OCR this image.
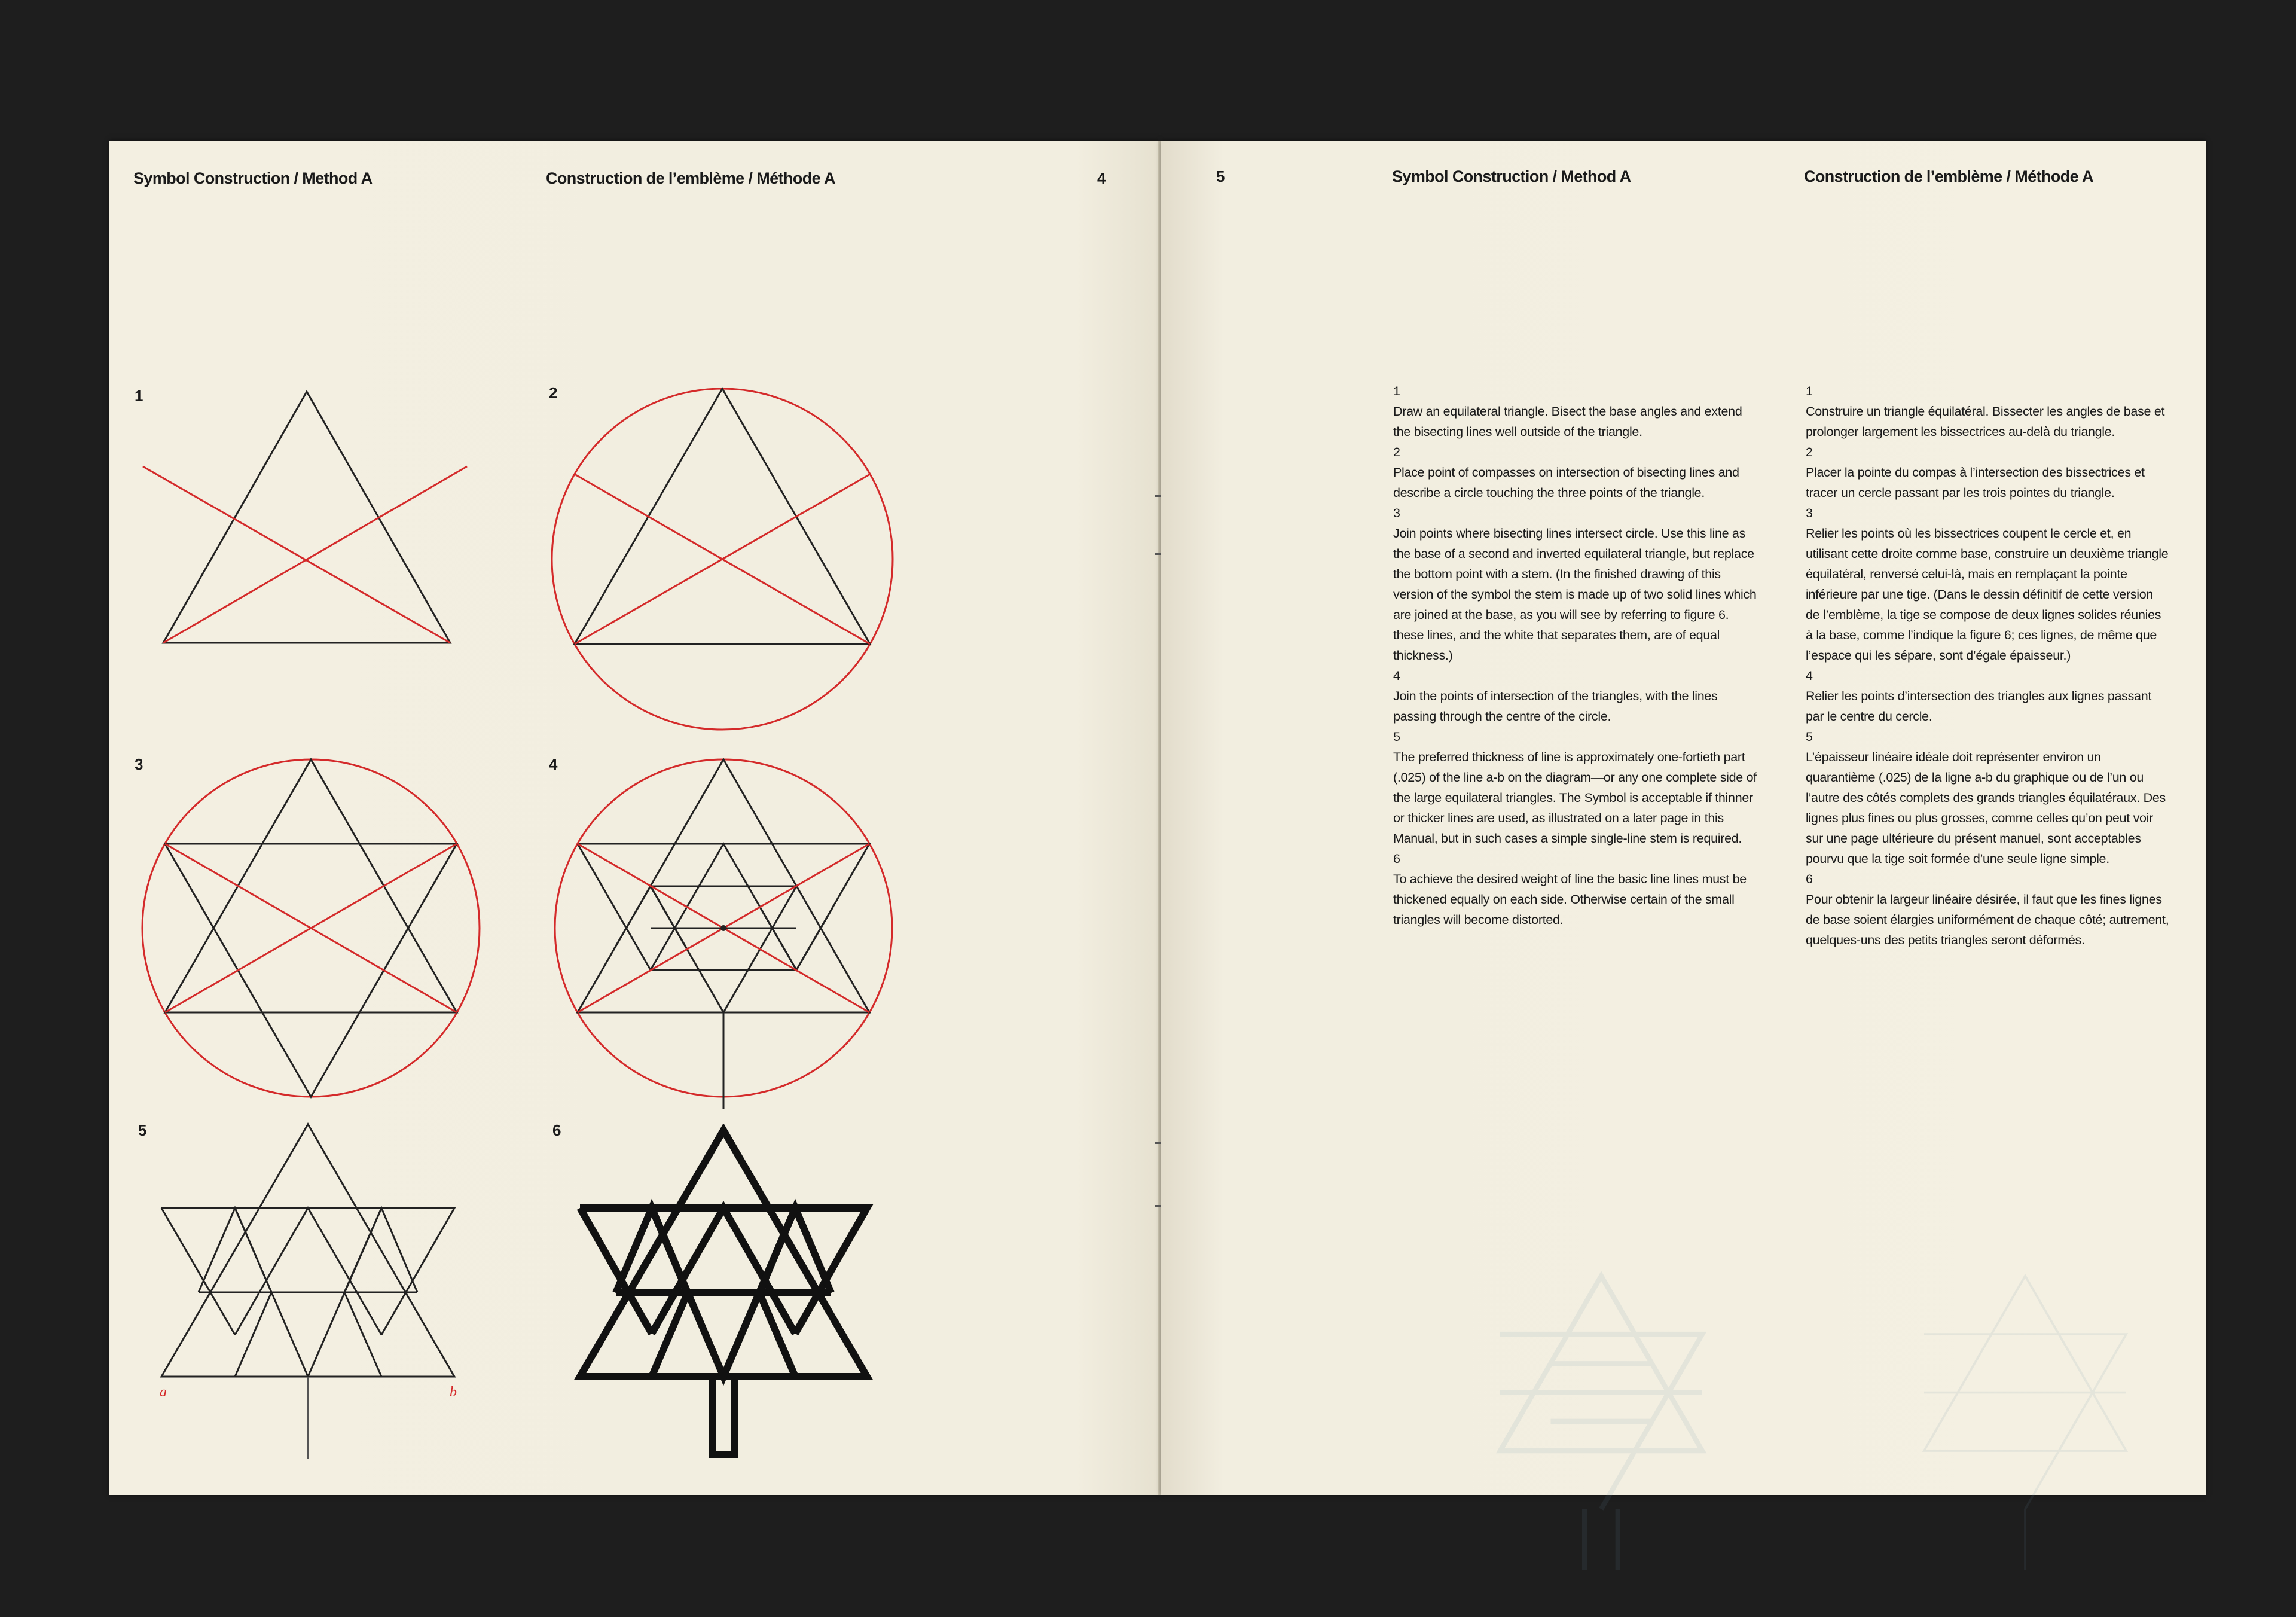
Symbol Construction / Method A	Construction de l’emblème / Méthode A	4
1	2
3	4
5	6
5	Symbol Construction / Method A	Construction de l’emblème / Méthode A

1
Draw an equilateral triangle. Bisect the base angles and extend the bisecting lines well outside of the triangle.

2
Place point of compasses on intersection of bisecting lines and describe a circle touching the three points of the triangle.

3
Join points where bisecting lines intersect circle. Use this line as the base of a second and inverted equilateral triangle, but replace the bottom point with a stem. (In the finished drawing of this version of the symbol the stem is made up of two solid lines which are joined at the base, as you will see by referring to figure 6. these lines, and the white that separates them, are of equal thickness.)

4
Join the points of intersection of the triangles, with the lines passing through the centre of the circle.

5
The preferred thickness of line is approximately one-fortieth part (.025) of the line a-b on the diagram—or any one complete side of the large equilateral triangles. The Symbol is acceptable if thinner or thicker lines are used, as illustrated on a later page in this Manual, but in such cases a simple single-line stem is required.

6
To achieve the desired weight of line the basic line lines must be thickened equally on each side. Otherwise certain of the small triangles will become distorted.

1
Construire un triangle équilatéral. Bissecter les angles de base et prolonger largement les bissectrices au-delà du triangle.

2
Placer la pointe du compas à l’intersection des bissectrices et tracer un cercle passant par les trois pointes du triangle.

3
Relier les points où les bissectrices coupent le cercle et, en utilisant cette droite comme base, construire un deuxième triangle équilatéral, renversé celui-là, mais en remplaçant la pointe inférieure par une tige. (Dans le dessin définitif de cette version de l’emblème, la tige se compose de deux lignes solides réunies à la base, comme l’indique la figure 6; ces lignes, de même que l’espace qui les sépare, sont d’égale épaisseur.)

4
Relier les points d’intersection des triangles aux lignes passant par le centre du cercle.

5
L’épaisseur linéaire idéale doit représenter environ un quarantième (.025) de la ligne a-b du graphique ou de l’un ou l’autre des côtés complets des grands triangles équilatéraux. Des lignes plus fines ou plus grosses, comme celles qu’on peut voir sur une page ultérieure du présent manuel, sont acceptables pourvu que la tige soit formée d’une seule ligne simple.

6
Pour obtenir la largeur linéaire désirée, il faut que les fines lignes de base soient élargies uniformément de chaque côté; autrement, quelques-uns des petits triangles seront déformés.

a	b
